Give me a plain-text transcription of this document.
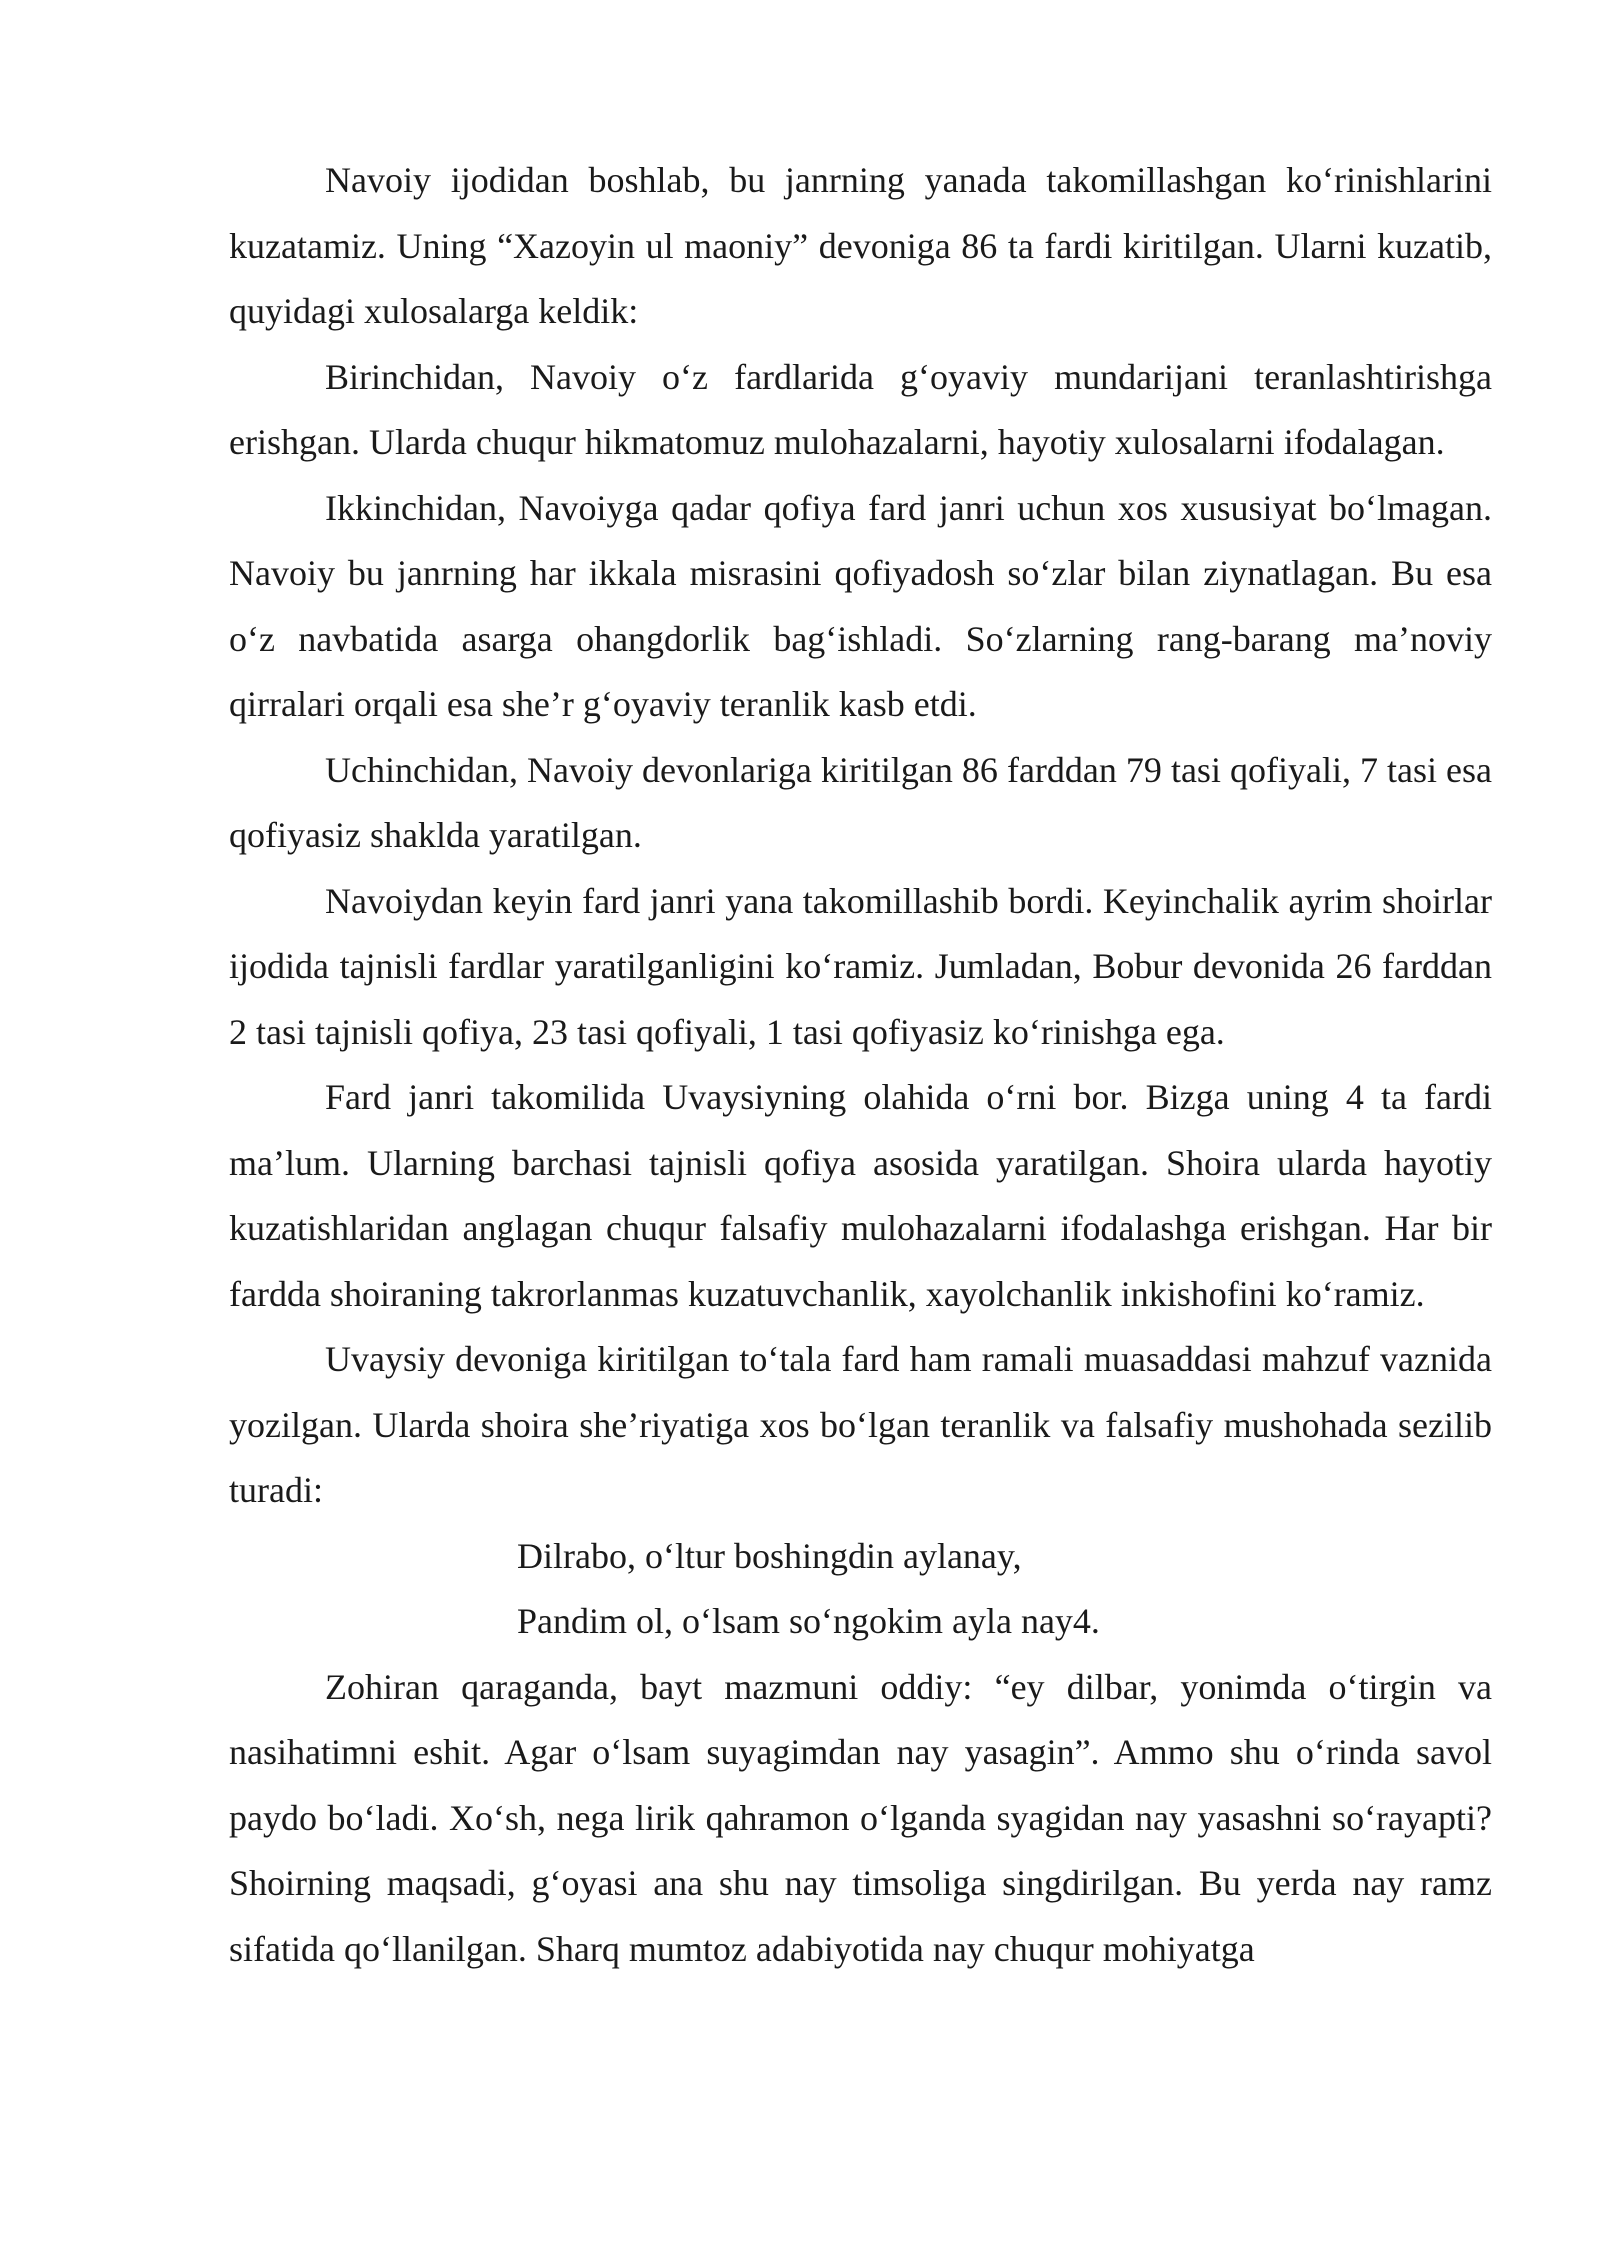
Navoiy ijodidan boshlab, bu janrning yanada takomillashgan ko‘rinishlarini kuzatamiz. Uning “Xazoyin ul maoniy” devoniga 86 ta fardi kiritilgan. Ularni kuzatib, quyidagi xulosalarga keldik:

Birinchidan, Navoiy o‘z fardlarida g‘oyaviy mundarijani teranlashtirishga erishgan. Ularda chuqur hikmatomuz mulohazalarni, hayotiy xulosalarni ifodalagan.

Ikkinchidan, Navoiyga qadar qofiya fard janri uchun xos xususiyat bo‘lmagan. Navoiy bu janrning har ikkala misrasini qofiyadosh so‘zlar bilan ziynatlagan. Bu esa o‘z navbatida asarga ohangdorlik bag‘ishladi. So‘zlarning rang-barang ma’noviy qirralari orqali esa she’r g‘oyaviy teranlik kasb etdi.

Uchinchidan, Navoiy devonlariga kiritilgan 86 farddan 79 tasi qofiyali, 7 tasi esa qofiyasiz shaklda yaratilgan.

Navoiydan keyin fard janri yana takomillashib bordi. Keyinchalik ayrim shoirlar ijodida tajnisli fardlar yaratilganligini ko‘ramiz. Jumladan, Bobur devonida 26 farddan 2 tasi tajnisli qofiya, 23 tasi qofiyali, 1 tasi qofiyasiz ko‘rinishga ega.

Fard janri takomilida Uvaysiyning olahida o‘rni bor. Bizga uning 4 ta fardi ma’lum. Ularning barchasi tajnisli qofiya asosida yaratilgan. Shoira ularda hayotiy kuzatishlaridan anglagan chuqur falsafiy mulohazalarni ifodalashga erishgan. Har bir fardda shoiraning takrorlanmas kuzatuvchanlik, xayolchanlik inkishofini ko‘ramiz.

Uvaysiy devoniga kiritilgan to‘tala fard ham ramali muasaddasi mahzuf vaznida yozilgan. Ularda shoira she’riyatiga xos bo‘lgan teranlik va falsafiy mushohada sezilib turadi:

Dilrabo, o‘ltur boshingdin aylanay,

Pandim ol, o‘lsam so‘ngokim ayla nay4.

Zohiran qaraganda, bayt mazmuni oddiy: “ey dilbar, yonimda o‘tirgin va nasihatimni eshit. Agar o‘lsam suyagimdan nay yasagin”. Ammo shu o‘rinda savol paydo bo‘ladi. Xo‘sh, nega lirik qahramon o‘lganda syagidan nay yasashni so‘rayapti? Shoirning maqsadi, g‘oyasi ana shu nay timsoliga singdirilgan. Bu yerda nay ramz sifatida qo‘llanilgan. Sharq mumtoz adabiyotida nay chuqur mohiyatga
